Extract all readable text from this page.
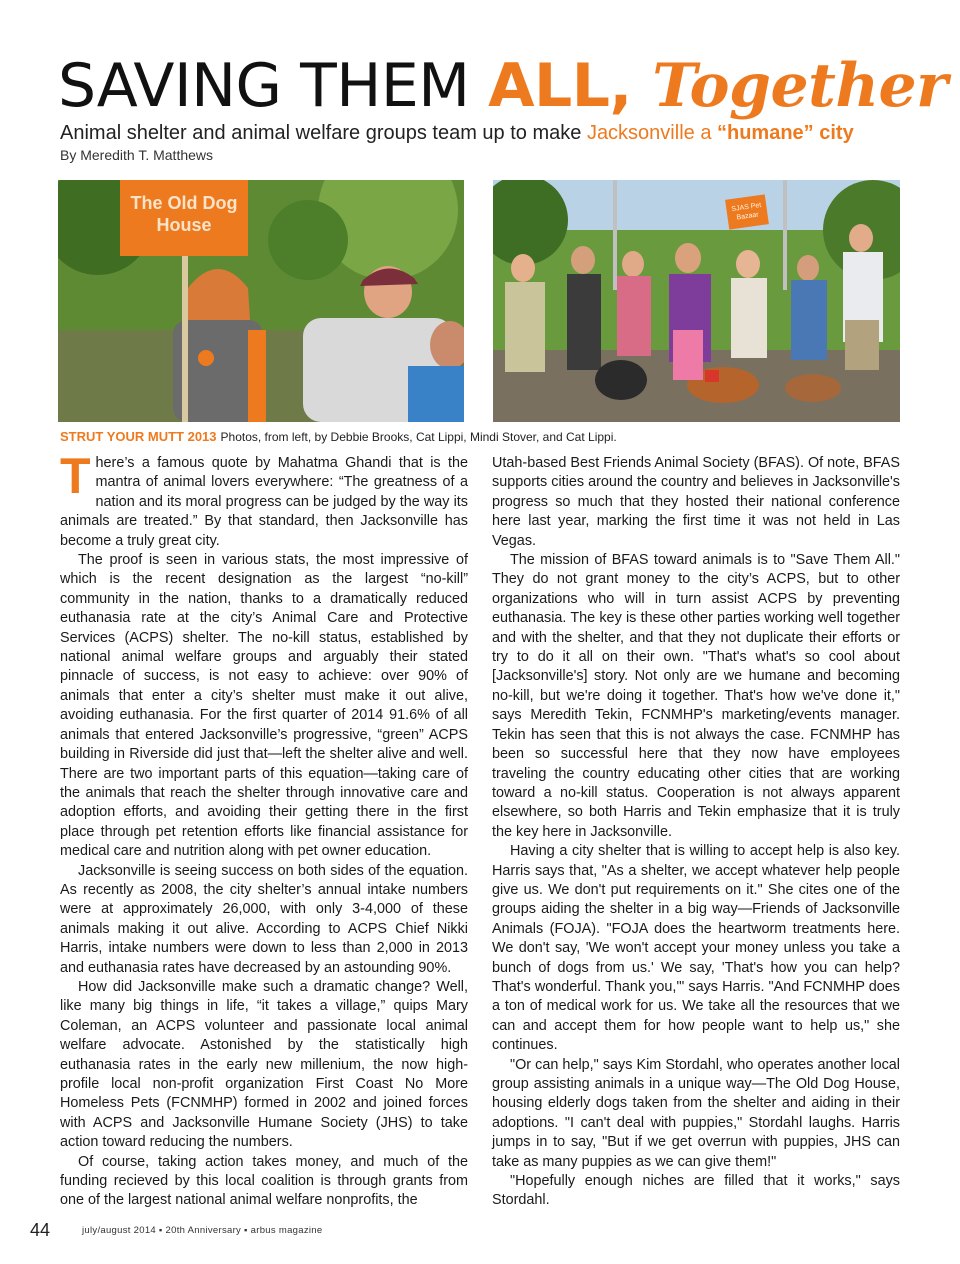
SAVING THEM ALL, Together

Animal shelter and animal welfare groups team up to make Jacksonville a “humane” city

By Meredith T. Matthews
The Old Dog House
SJAS Pet Bazaar
STRUT YOUR MUTT 2013 Photos, from left, by Debbie Brooks, Cat Lippi, Mindi Stover, and Cat Lippi.

There’s a famous quote by Mahatma Ghandi that is the mantra of animal lovers everywhere: “The greatness of a nation and its moral progress can be judged by the way its animals are treated.” By that standard, then Jacksonville has become a truly great city.

The proof is seen in various stats, the most impressive of which is the recent designation as the largest “no-kill” community in the nation, thanks to a dramatically reduced euthanasia rate at the city’s Animal Care and Protective Services (ACPS) shelter. The no-kill status, established by national animal welfare groups and arguably their stated pinnacle of success, is not easy to achieve: over 90% of animals that enter a city’s shelter must make it out alive, avoiding euthanasia. For the first quarter of 2014 91.6% of all animals that entered Jacksonville’s progressive, “green” ACPS building in Riverside did just that—left the shelter alive and well. There are two important parts of this equation—taking care of the animals that reach the shelter through innovative care and adoption efforts, and avoiding their getting there in the first place through pet retention efforts like financial assistance for medical care and nutrition along with pet owner education.

Jacksonville is seeing success on both sides of the equation. As recently as 2008, the city shelter’s annual intake numbers were at approximately 26,000, with only 3-4,000 of these animals making it out alive. According to ACPS Chief Nikki Harris, intake numbers were down to less than 2,000 in 2013 and euthanasia rates have decreased by an astounding 90%.

How did Jacksonville make such a dramatic change? Well, like many big things in life, “it takes a village,” quips Mary Coleman, an ACPS volunteer and passionate local animal welfare advocate. Astonished by the statistically high euthanasia rates in the early new millenium, the now high-profile local non-profit organization First Coast No More Homeless Pets (FCNMHP) formed in 2002 and joined forces with ACPS and Jacksonville Humane Society (JHS) to take action toward reducing the numbers.

Of course, taking action takes money, and much of the funding recieved by this local coalition is through grants from one of the largest national animal welfare nonprofits, the

Utah-based Best Friends Animal Society (BFAS). Of note, BFAS supports cities around the country and believes in Jacksonville's progress so much that they hosted their national conference here last year, marking the first time it was not held in Las Vegas.

The mission of BFAS toward animals is to "Save Them All." They do not grant money to the city’s ACPS, but to other organizations who will in turn assist ACPS by preventing euthanasia. The key is these other parties working well together and with the shelter, and that they not duplicate their efforts or try to do it all on their own. "That's what's so cool about [Jacksonville's] story. Not only are we humane and becoming no-kill, but we're doing it together. That's how we've done it," says Meredith Tekin, FCNMHP's marketing/events manager. Tekin has seen that this is not always the case. FCNMHP has been so successful here that they now have employees traveling the country educating other cities that are working toward a no-kill status. Cooperation is not always apparent elsewhere, so both Harris and Tekin emphasize that it is truly the key here in Jacksonville.

Having a city shelter that is willing to accept help is also key. Harris says that, "As a shelter, we accept whatever help people give us. We don't put requirements on it." She cites one of the groups aiding the shelter in a big way—Friends of Jacksonville Animals (FOJA). "FOJA does the heartworm treatments here. We don't say, 'We won't accept your money unless you take a bunch of dogs from us.' We say, 'That's how you can help? That's wonderful. Thank you,'" says Harris. "And FCNMHP does a ton of medical work for us. We take all the resources that we can and accept them for how people want to help us," she continues.

"Or can help," says Kim Stordahl, who operates another local group assisting animals in a unique way—The Old Dog House, housing elderly dogs taken from the shelter and aiding in their adoptions. "I can't deal with puppies," Stordahl laughs. Harris jumps in to say, "But if we get overrun with puppies, JHS can take as many puppies as we can give them!"

"Hopefully enough niches are filled that it works," says Stordahl.

44	july/august 2014 ▪ 20th Anniversary ▪ arbus magazine
